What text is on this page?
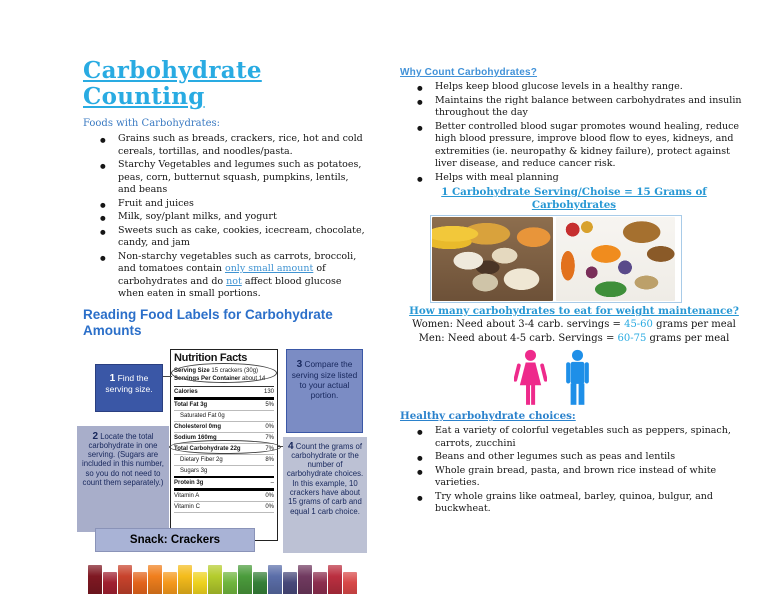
Carbohydrate Counting
Foods with Carbohydrates:
● Grains such as breads, crackers, rice, hot and cold cereals, tortillas, and noodles/pasta.
● Starchy Vegetables and legumes such as potatoes, peas, corn, butternut squash, pumpkins, lentils, and beans
● Fruit and juices
● Milk, soy/plant milks, and yogurt
● Sweets such as cake, cookies, icecream, chocolate, candy, and jam
● Non-starchy vegetables such as carrots, broccoli, and tomatoes contain only small amount of carbohydrates and do not affect blood glucose when eaten in small portions.
Reading Food Labels for Carbohydrate Amounts
Nutrition Facts
Serving Size 15 crackers (30g)
Servings Per Container about 14
Calories	130
Total Fat 3g	5%
Saturated Fat 0g
Cholesterol 0mg	0%
Sodium 160mg	7%
Total Carbohydrate 22g	7%
Dietary Fiber 2g	8%
Sugars 3g
Protein 3g	–
Vitamin A	0%
Vitamin C	0%
1 Find the serving size.
2 Locate the total carbohydrate in one serving. (Sugars are included in this number, so you do not need to count them separately.)
3 Compare the serving size listed to your actual portion.
4 Count the grams of carbohydrate or the number of carbohydrate choices. In this example, 10 crackers have about 15 grams of carb and equal 1 carb choice.
Snack: Crackers
Why Count Carbohydrates?
● Helps keep blood glucose levels in a healthy range.
● Maintains the right balance between carbohydrates and insulin throughout the day
● Better controlled blood sugar promotes wound healing, reduce high blood pressure, improve blood flow to eyes, kidneys, and extremities (ie. neuropathy & kidney failure), protect against liver disease, and reduce cancer risk.
● Helps with meal planning
1 Carbohydrate Serving/Choise = 15 Grams of Carbohydrates
How many carbohydrates to eat for weight maintenance?
Women: Need about 3-4 carb. servings = 45-60 grams per meal
Men: Need about 4-5 carb. Servings = 60-75 grams per meal
Healthy carbohydrate choices:
● Eat a variety of colorful vegetables such as peppers, spinach, carrots, zucchini
● Beans and other legumes such as peas and lentils
● Whole grain bread, pasta, and brown rice instead of white varieties.
● Try whole grains like oatmeal, barley, quinoa, bulgur, and buckwheat.
